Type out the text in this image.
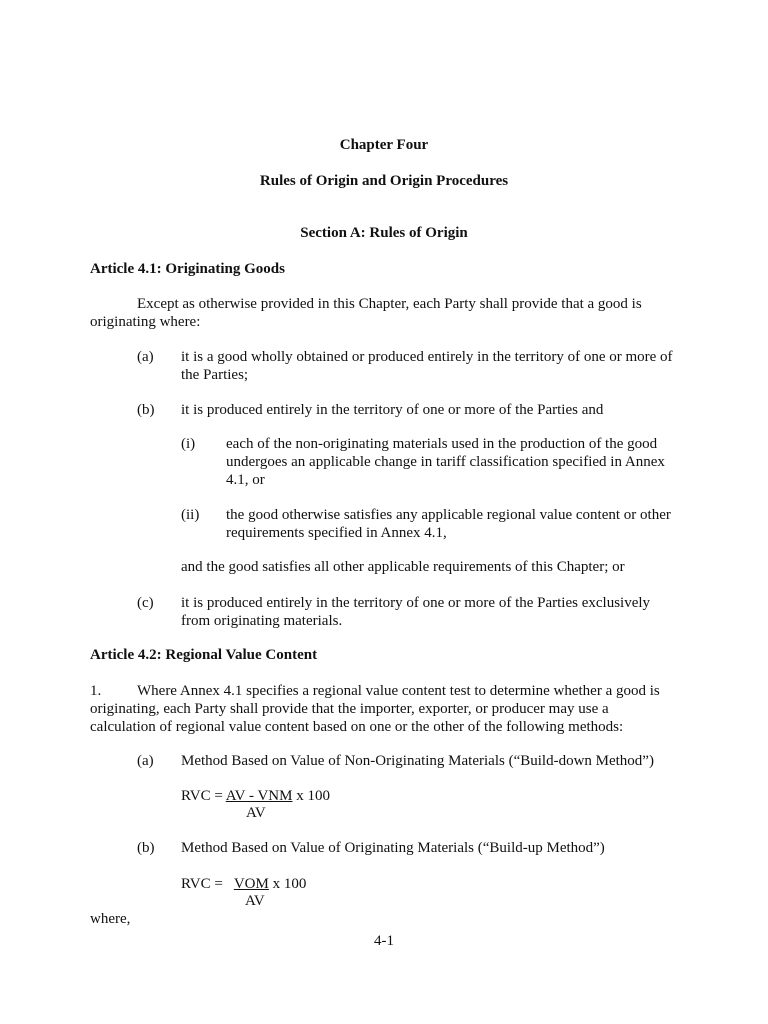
Chapter Four
Rules of Origin and Origin Procedures
Section A: Rules of Origin
Article 4.1: Originating Goods
Except as otherwise provided in this Chapter, each Party shall provide that a good is
originating where:
(a) it is a good wholly obtained or produced entirely in the territory of one or more of
the Parties;
(b) it is produced entirely in the territory of one or more of the Parties and
(i) each of the non-originating materials used in the production of the good
undergoes an applicable change in tariff classification specified in Annex
4.1, or
(ii) the good otherwise satisfies any applicable regional value content or other
requirements specified in Annex 4.1,
and the good satisfies all other applicable requirements of this Chapter; or
(c) it is produced entirely in the territory of one or more of the Parties exclusively
from originating materials.
Article 4.2: Regional Value Content
1. Where Annex 4.1 specifies a regional value content test to determine whether a good is
originating, each Party shall provide that the importer, exporter, or producer may use a
calculation of regional value content based on one or the other of the following methods:
(a) Method Based on Value of Non-Originating Materials (“Build-down Method”)
RVC = AV - VNM x 100
AV
(b) Method Based on Value of Originating Materials (“Build-up Method”)
RVC =   VOM x 100
AV
where,
4-1
